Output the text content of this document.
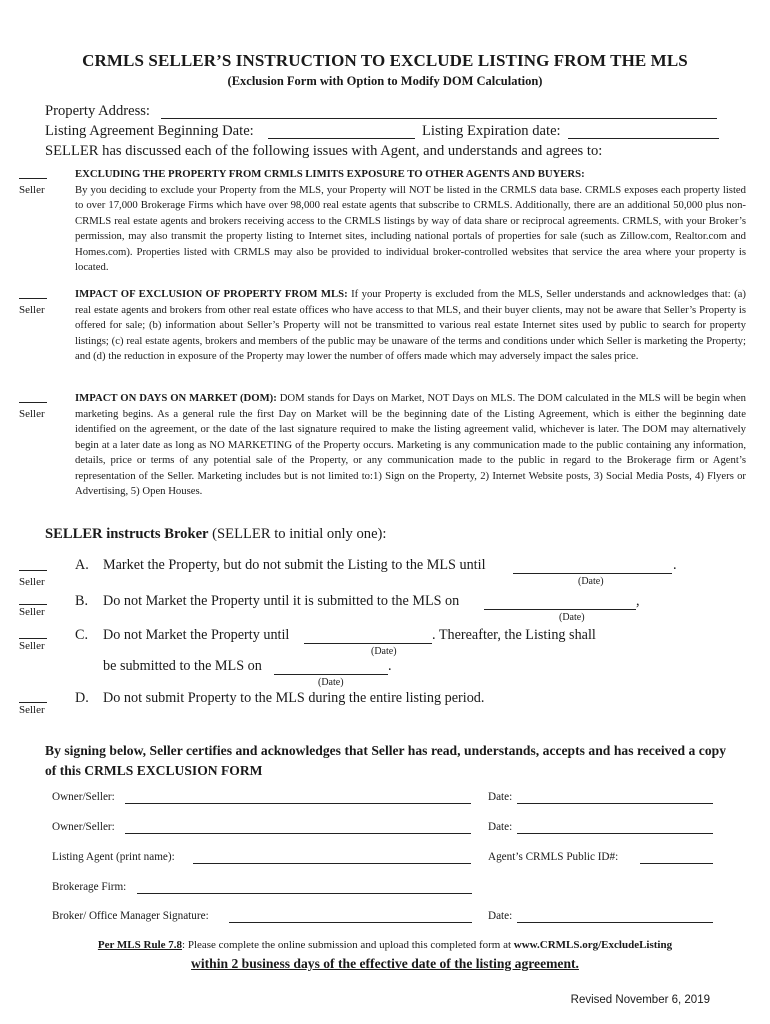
CRMLS SELLER’S INSTRUCTION TO EXCLUDE LISTING FROM THE MLS
(Exclusion Form with Option to Modify DOM Calculation)
Property Address:
Listing Agreement Beginning Date:	Listing Expiration date:
SELLER has discussed each of the following issues with Agent, and understands and agrees to:
Seller
EXCLUDING THE PROPERTY FROM CRMLS LIMITS EXPOSURE TO OTHER AGENTS AND BUYERS:
By you deciding to exclude your Property from the MLS, your Property will NOT be listed in the CRMLS data base. CRMLS exposes each property listed to over 17,000 Brokerage Firms which have over 98,000 real estate agents that subscribe to CRMLS. Additionally, there are an additional 50,000 plus non-CRMLS real estate agents and brokers receiving access to the CRMLS listings by way of data share or reciprocal agreements. CRMLS, with your Broker’s permission, may also transmit the property listing to Internet sites, including national portals of properties for sale (such as Zillow.com, Realtor.com and Homes.com). Properties listed with CRMLS may also be provided to individual broker-controlled websites that service the area where your property is located.
Seller
IMPACT OF EXCLUSION OF PROPERTY FROM MLS: If your Property is excluded from the MLS, Seller understands and acknowledges that: (a) real estate agents and brokers from other real estate offices who have access to that MLS, and their buyer clients, may not be aware that Seller’s Property is offered for sale; (b) information about Seller’s Property will not be transmitted to various real estate Internet sites used by public to search for property listings; (c) real estate agents, brokers and members of the public may be unaware of the terms and conditions under which Seller is marketing the Property; and (d) the reduction in exposure of the Property may lower the number of offers made which may adversely impact the sales price.
Seller
IMPACT ON DAYS ON MARKET (DOM): DOM stands for Days on Market, NOT Days on MLS. The DOM calculated in the MLS will be begin when marketing begins. As a general rule the first Day on Market will be the beginning date of the Listing Agreement, which is either the beginning date identified on the agreement, or the date of the last signature required to make the listing agreement valid, whichever is later. The DOM may alternatively begin at a later date as long as NO MARKETING of the Property occurs. Marketing is any communication made to the public containing any information, details, price or terms of any potential sale of the Property, or any communication made to the public in regard to the Brokerage firm or Agent’s representation of the Seller. Marketing includes but is not limited to:1) Sign on the Property, 2) Internet Website posts, 3) Social Media Posts, 4) Flyers or Advertising, 5) Open Houses.
SELLER instructs Broker (SELLER to initial only one):
Seller
A. Market the Property, but do not submit the Listing to the MLS until	.
(Date)
Seller
B. Do not Market the Property until it is submitted to the MLS on	,
(Date)
Seller
C. Do not Market the Property until	. Thereafter, the Listing shall
(Date)
be submitted to the MLS on	.
(Date)
Seller
D. Do not submit Property to the MLS during the entire listing period.
By signing below, Seller certifies and acknowledges that Seller has read, understands, accepts and has received a copy of this CRMLS EXCLUSION FORM
Owner/Seller:	Date:
Owner/Seller:	Date:
Listing Agent (print name):	Agent’s CRMLS Public ID#:
Brokerage Firm:
Broker/ Office Manager Signature:	Date:
Per MLS Rule 7.8: Please complete the online submission and upload this completed form at www.CRMLS.org/ExcludeListing
within 2 business days of the effective date of the listing agreement.
Revised November 6, 2019
